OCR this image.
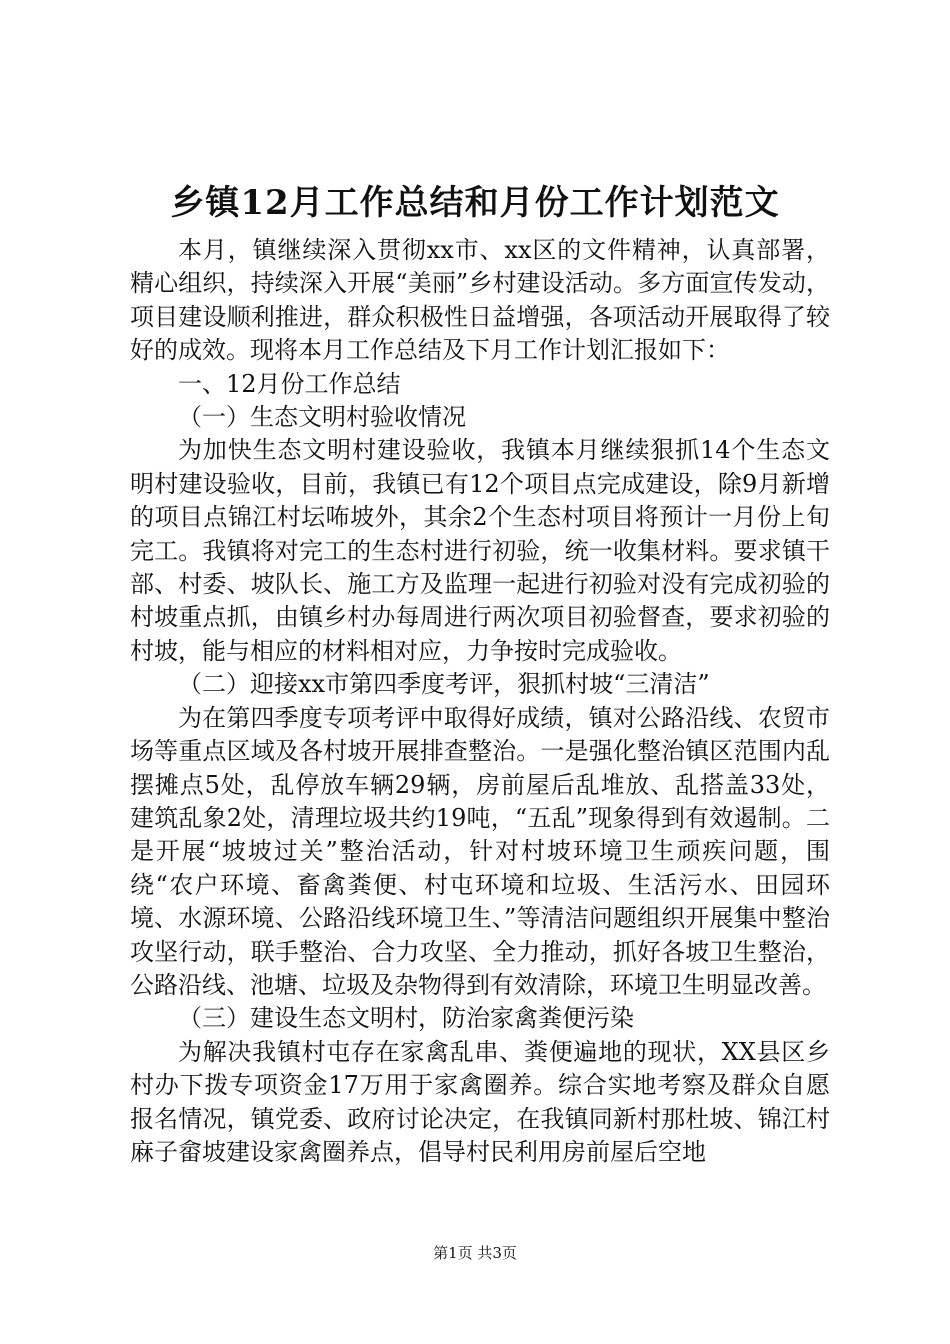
乡镇12月工作总结和月份工作计划范文

本月，镇继续深入贯彻xx市、xx区的文件精神，认真部署，精心组织，持续深入开展“美丽”乡村建设活动。多方面宣传发动，项目建设顺利推进，群众积极性日益增强，各项活动开展取得了较好的成效。现将本月工作总结及下月工作计划汇报如下：

一、12月份工作总结

（一）生态文明村验收情况

为加快生态文明村建设验收，我镇本月继续狠抓14个生态文明村建设验收，目前，我镇已有12个项目点完成建设，除9月新增的项目点锦江村坛咘坡外，其余2个生态村项目将预计一月份上旬完工。我镇将对完工的生态村进行初验，统一收集材料。要求镇干部、村委、坡队长、施工方及监理一起进行初验对没有完成初验的村坡重点抓，由镇乡村办每周进行两次项目初验督查，要求初验的村坡，能与相应的材料相对应，力争按时完成验收。

（二）迎接xx市第四季度考评，狠抓村坡“三清洁”

为在第四季度专项考评中取得好成绩，镇对公路沿线、农贸市场等重点区域及各村坡开展排查整治。一是强化整治镇区范围内乱摆摊点5处，乱停放车辆29辆，房前屋后乱堆放、乱搭盖33处，建筑乱象2处，清理垃圾共约19吨，“五乱”现象得到有效遏制。二是开展“坡坡过关”整治活动，针对村坡环境卫生顽疾问题，围绕“农户环境、畜禽粪便、村屯环境和垃圾、生活污水、田园环境、水源环境、公路沿线环境卫生、”等清洁问题组织开展集中整治攻坚行动，联手整治、合力攻坚、全力推动，抓好各坡卫生整治，公路沿线、池塘、垃圾及杂物得到有效清除，环境卫生明显改善。

（三）建设生态文明村，防治家禽粪便污染

为解决我镇村屯存在家禽乱串、粪便遍地的现状，XX县区乡村办下拨专项资金17万用于家禽圈养。综合实地考察及群众自愿报名情况，镇党委、政府讨论决定，在我镇同新村那杜坡、锦江村麻子畲坡建设家禽圈养点，倡导村民利用房前屋后空地

第1页 共3页
